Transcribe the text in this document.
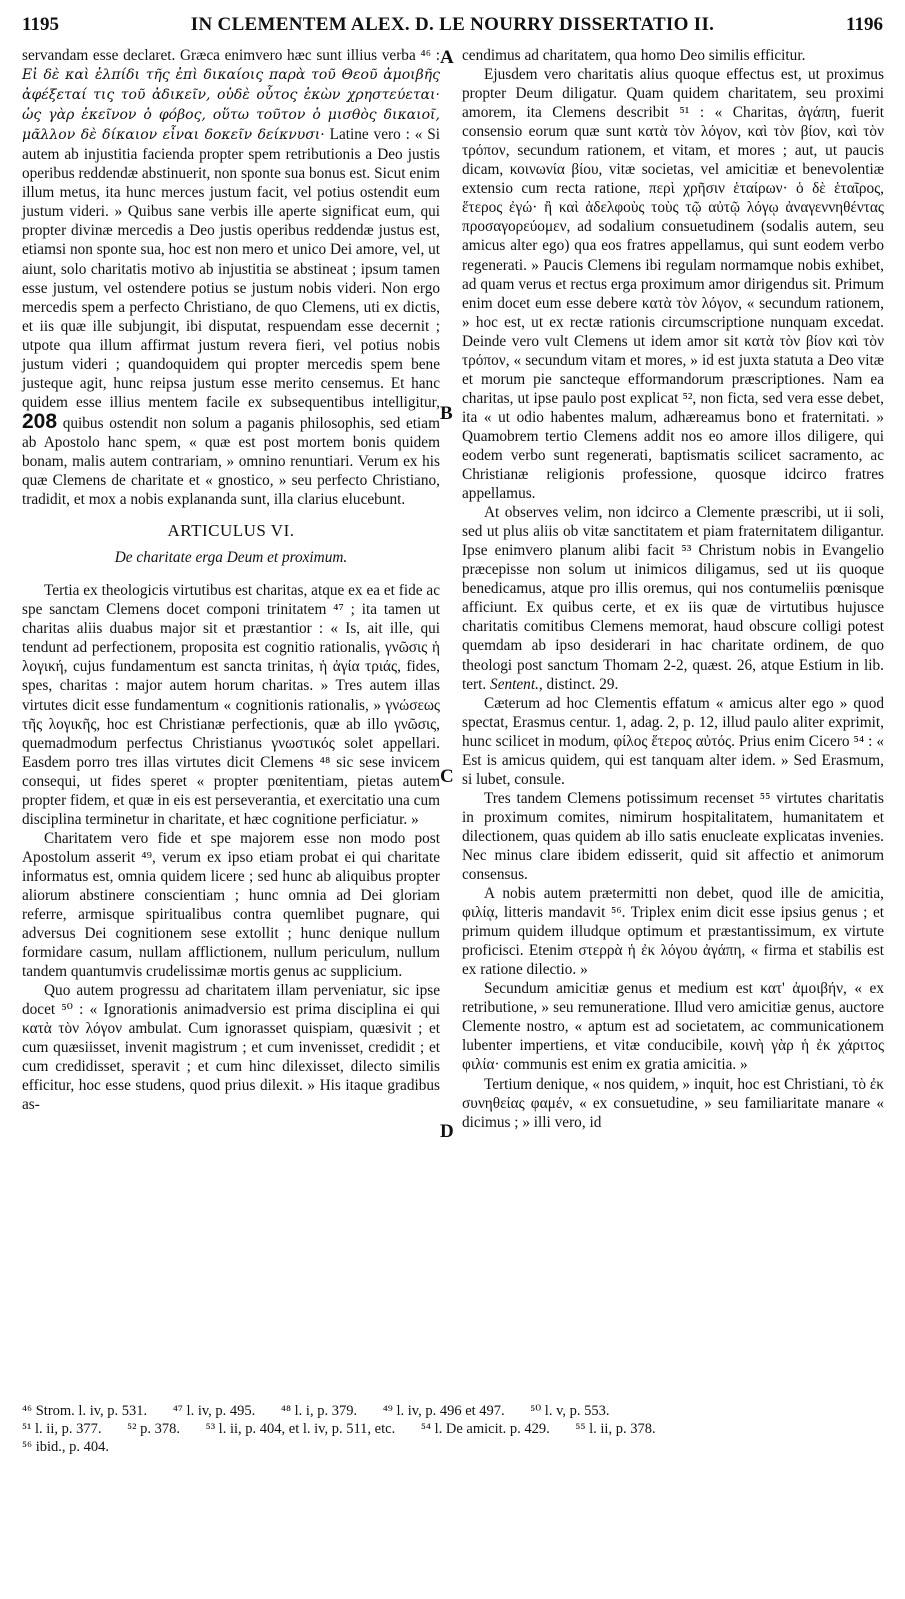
1195	IN CLEMENTEM ALEX. D. LE NOURRY DISSERTATIO II.	1196
A
B
C
D

servandam esse declaret. Græca enimvero hæc sunt illius verba ⁴⁶ : Εἰ δὲ καὶ ἐλπίδι τῆς ἐπὶ δικαίοις παρὰ τοῦ Θεοῦ ἀμοιβῆς ἀφέξεταί τις τοῦ ἀδικεῖν, οὐδὲ οὗτος ἑκὼν χρηστεύεται· ὡς γὰρ ἐκεῖνον ὁ φόβος, οὕτω τοῦτον ὁ μισθὸς δικαιοῖ, μᾶλλον δὲ δίκαιον εἶναι δοκεῖν δείκνυσι· Latine vero : « Si autem ab injustitia facienda propter spem retributionis a Deo justis operibus reddendæ abstinuerit, non sponte sua bonus est. Sicut enim illum metus, ita hunc merces justum facit, vel potius ostendit eum justum videri. » Quibus sane verbis ille aperte significat eum, qui propter divinæ mercedis a Deo justis operibus reddendæ justus est, etiamsi non sponte sua, hoc est non mero et unico Dei amore, vel, ut aiunt, solo charitatis motivo ab injustitia se abstineat ; ipsum tamen esse justum, vel ostendere potius se justum nobis videri. Non ergo mercedis spem a perfecto Christiano, de quo Clemens, uti ex dictis, et iis quæ ille subjungit, ibi disputat, respuendam esse decernit ; utpote qua illum affirmat justum revera fieri, vel potius nobis justum videri ; quandoquidem qui propter mercedis spem bene justeque agit, hunc reipsa justum esse merito censemus. Et hanc quidem esse illius mentem facile ex subsequentibus intelligitur, 208 quibus ostendit non solum a paganis philosophis, sed etiam ab Apostolo hanc spem, « quæ est post mortem bonis quidem bonam, malis autem contrariam, » omnino renuntiari. Verum ex his quæ Clemens de charitate et « gnostico, » seu perfecto Christiano, tradidit, et mox a nobis explananda sunt, illa clarius elucebunt.

ARTICULUS VI.
De charitate erga Deum et proximum.

Tertia ex theologicis virtutibus est charitas, atque ex ea et fide ac spe sanctam Clemens docet componi trinitatem ⁴⁷ ; ita tamen ut charitas aliis duabus major sit et præstantior : « Is, ait ille, qui tendunt ad perfectionem, proposita est cognitio rationalis, γνῶσις ἡ λογική, cujus fundamentum est sancta trinitas, ἡ ἁγία τριάς, fides, spes, charitas : major autem horum charitas. » Tres autem illas virtutes dicit esse fundamentum « cognitionis rationalis, » γνώσεως τῆς λογικῆς, hoc est Christianæ perfectionis, quæ ab illo γνῶσις, quemadmodum perfectus Christianus γνωστικός solet appellari. Easdem porro tres illas virtutes dicit Clemens ⁴⁸ sic sese invicem consequi, ut fides speret « propter pœnitentiam, pietas autem propter fidem, et quæ in eis est perseverantia, et exercitatio una cum disciplina terminetur in charitate, et hæc cognitione perficiatur. »

Charitatem vero fide et spe majorem esse non modo post Apostolum asserit ⁴⁹, verum ex ipso etiam probat ei qui charitate informatus est, omnia quidem licere ; sed hunc ab aliquibus propter aliorum abstinere conscientiam ; hunc omnia ad Dei gloriam referre, armisque spiritualibus contra quemlibet pugnare, qui adversus Dei cognitionem sese extollit ; hunc denique nullum formidare casum, nullam afflictionem, nullum periculum, nullum tandem quantumvis crudelissimæ mortis genus ac supplicium.

Quo autem progressu ad charitatem illam perveniatur, sic ipse docet ⁵⁰ : « Ignorationis animadversio est prima disciplina ei qui κατὰ τὸν λόγον ambulat. Cum ignorasset quispiam, quæsivit ; et cum quæsiisset, invenit magistrum ; et cum invenisset, credidit ; et cum credidisset, speravit ; et cum hinc dilexisset, dilecto similis efficitur, hoc esse studens, quod prius dilexit. » His itaque gradibus as-

cendimus ad charitatem, qua homo Deo similis efficitur.

Ejusdem vero charitatis alius quoque effectus est, ut proximus propter Deum diligatur. Quam quidem charitatem, seu proximi amorem, ita Clemens describit ⁵¹ : « Charitas, ἀγάπη, fuerit consensio eorum quæ sunt κατὰ τὸν λόγον, καὶ τὸν βίον, καὶ τὸν τρόπον, secundum rationem, et vitam, et mores ; aut, ut paucis dicam, κοινωνία βίου, vitæ societas, vel amicitiæ et benevolentiæ extensio cum recta ratione, περὶ χρῆσιν ἑταίρων· ὁ δὲ ἑταῖρος, ἕτερος ἐγώ· ἢ καὶ ἀδελφοὺς τοὺς τῷ αὐτῷ λόγῳ ἀναγεννηθέντας προσαγορεύομεν, ad sodalium consuetudinem (sodalis autem, seu amicus alter ego) qua eos fratres appellamus, qui sunt eodem verbo regenerati. » Paucis Clemens ibi regulam normamque nobis exhibet, ad quam verus et rectus erga proximum amor dirigendus sit. Primum enim docet eum esse debere κατὰ τὸν λόγον, « secundum rationem, » hoc est, ut ex rectæ rationis circumscriptione nunquam excedat. Deinde vero vult Clemens ut idem amor sit κατὰ τὸν βίον καὶ τὸν τρόπον, « secundum vitam et mores, » id est juxta statuta a Deo vitæ et morum pie sancteque efformandorum præscriptiones. Nam ea charitas, ut ipse paulo post explicat ⁵², non ficta, sed vera esse debet, ita « ut odio habentes malum, adhæreamus bono et fraternitati. » Quamobrem tertio Clemens addit nos eo amore illos diligere, qui eodem verbo sunt regenerati, baptismatis scilicet sacramento, ac Christianæ religionis professione, quosque idcirco fratres appellamus.

At observes velim, non idcirco a Clemente præscribi, ut ii soli, sed ut plus aliis ob vitæ sanctitatem et piam fraternitatem diligantur. Ipse enimvero planum alibi facit ⁵³ Christum nobis in Evangelio præcepisse non solum ut inimicos diligamus, sed ut iis quoque benedicamus, atque pro illis oremus, qui nos contumeliis pœnisque afficiunt. Ex quibus certe, et ex iis quæ de virtutibus hujusce charitatis comitibus Clemens memorat, haud obscure colligi potest quemdam ab ipso desiderari in hac charitate ordinem, de quo theologi post sanctum Thomam 2-2, quæst. 26, atque Estium in lib. tert. Sentent., distinct. 29.

Cæterum ad hoc Clementis effatum « amicus alter ego » quod spectat, Erasmus centur. 1, adag. 2, p. 12, illud paulo aliter exprimit, hunc scilicet in modum, φίλος ἕτερος αὐτός. Prius enim Cicero ⁵⁴ : « Est is amicus quidem, qui est tanquam alter idem. » Sed Erasmum, si lubet, consule.

Tres tandem Clemens potissimum recenset ⁵⁵ virtutes charitatis in proximum comites, nimirum hospitalitatem, humanitatem et dilectionem, quas quidem ab illo satis enucleate explicatas invenies. Nec minus clare ibidem edisserit, quid sit affectio et animorum consensus.

A nobis autem prætermitti non debet, quod ille de amicitia, φιλίᾳ, litteris mandavit ⁵⁶. Triplex enim dicit esse ipsius genus ; et primum quidem illudque optimum et præstantissimum, ex virtute proficisci. Etenim στερρὰ ἡ ἐκ λόγου ἀγάπη, « firma et stabilis est ex ratione dilectio. »

Secundum amicitiæ genus et medium est κατ' ἀμοιβήν, « ex retributione, » seu remuneratione. Illud vero amicitiæ genus, auctore Clemente nostro, « aptum est ad societatem, ac communicationem lubenter impertiens, et vitæ conducibile, κοινὴ γὰρ ἡ ἐκ χάριτος φιλία· communis est enim ex gratia amicitia. »

Tertium denique, « nos quidem, » inquit, hoc est Christiani, τὸ ἐκ συνηθείας φαμέν, « ex consuetudine, » seu familiaritate manare « dicimus ; » illi vero, id

⁴⁶ Strom. l. iv, p. 531. ⁴⁷ l. iv, p. 495. ⁴⁸ l. i, p. 379. ⁴⁹ l. iv, p. 496 et 497. ⁵⁰ l. v, p. 553.
⁵¹ l. ii, p. 377. ⁵² p. 378. ⁵³ l. ii, p. 404, et l. iv, p. 511, etc. ⁵⁴ l. De amicit. p. 429. ⁵⁵ l. ii, p. 378.
⁵⁶ ibid., p. 404.
